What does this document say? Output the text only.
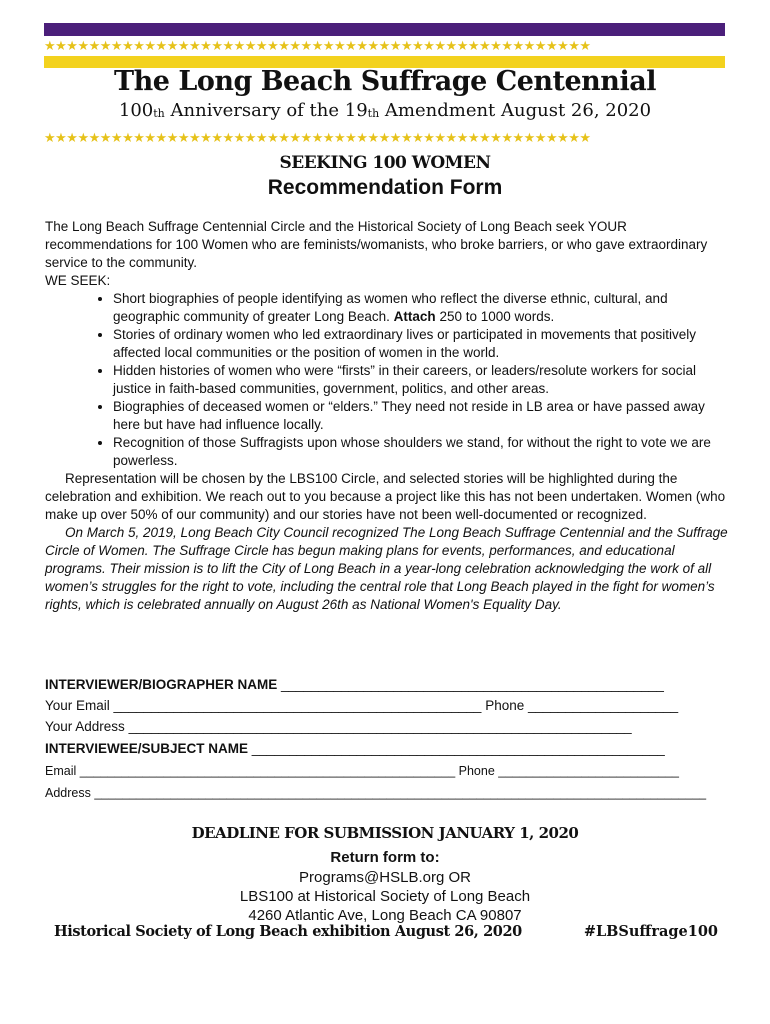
★★★★★★★★★★★★★★★★★★★★★★★★★★★★★★★★★★★★★★★★★★★★★★★★★
The Long Beach Suffrage Centennial
100th Anniversary of the 19th Amendment August 26, 2020
★★★★★★★★★★★★★★★★★★★★★★★★★★★★★★★★★★★★★★★★★★★★★★★★★
SEEKING 100 WOMEN
Recommendation Form

The Long Beach Suffrage Centennial Circle and the Historical Society of Long Beach seek YOUR recommendations for 100 Women who are feminists/womanists, who broke barriers, or who gave extraordinary service to the community.

WE SEEK:

• Short biographies of people identifying as women who reflect the diverse ethnic, cultural, and geographic community of greater Long Beach. Attach 250 to 1000 words.
• Stories of ordinary women who led extraordinary lives or participated in movements that positively affected local communities or the position of women in the world.
• Hidden histories of women who were “firsts” in their careers, or leaders/resolute workers for social justice in faith-based communities, government, politics, and other areas.
• Biographies of deceased women or “elders.” They need not reside in LB area or have passed away here but have had influence locally.
• Recognition of those Suffragists upon whose shoulders we stand, for without the right to vote we are powerless.

Representation will be chosen by the LBS100 Circle, and selected stories will be highlighted during the celebration and exhibition. We reach out to you because a project like this has not been undertaken. Women (who make up over 50% of our community) and our stories have not been well-documented or recognized.

On March 5, 2019, Long Beach City Council recognized The Long Beach Suffrage Centennial and the Suffrage Circle of Women. The Suffrage Circle has begun making plans for events, performances, and educational programs. Their mission is to lift the City of Long Beach in a year-long celebration acknowledging the work of all women’s struggles for the right to vote, including the central role that Long Beach played in the fight for women’s rights, which is celebrated annually on August 26th as National Women's Equality Day.

INTERVIEWER/BIOGRAPHER NAME ___________________________________________________
Your Email _________________________________________________ Phone ____________________
Your Address ___________________________________________________________________
INTERVIEWEE/SUBJECT NAME _______________________________________________________
Email ______________________________________________________ Phone __________________________
Address ________________________________________________________________________________________
DEADLINE FOR SUBMISSION JANUARY 1, 2020
Return form to:
Programs@HSLB.org OR
LBS100 at Historical Society of Long Beach
4260 Atlantic Ave, Long Beach CA 90807
Historical Society of Long Beach exhibition August 26, 2020	#LBSuffrage100
